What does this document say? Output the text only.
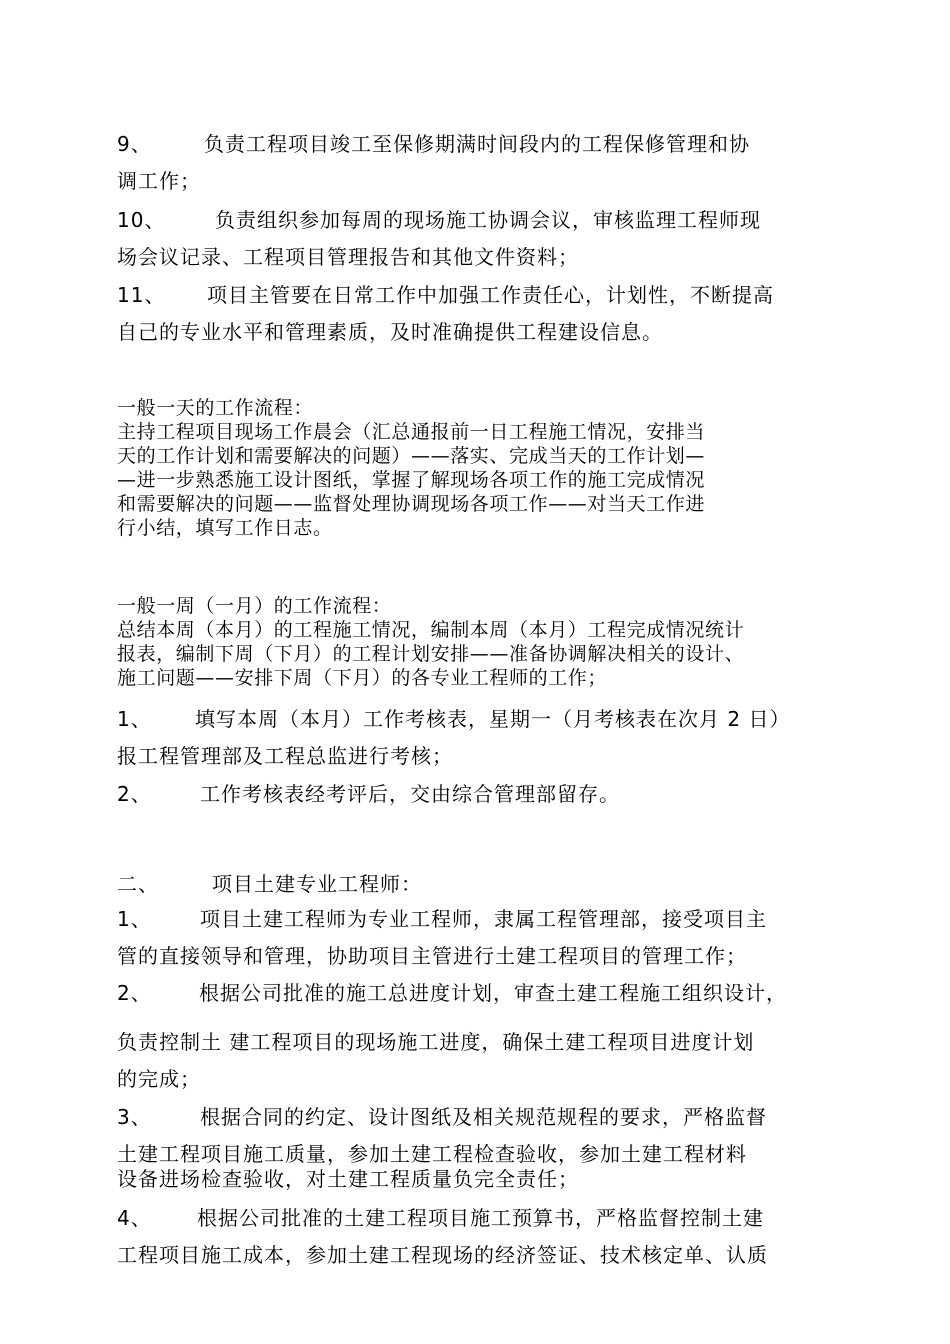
9、	负责工程项目竣工至保修期满时间段内的工程保修管理和协
调工作；
10、 负责组织参加每周的现场施工协调会议，审核监理工程师现
场会议记录、工程项目管理报告和其他文件资料；
11、 项目主管要在日常工作中加强工作责任心，计划性，不断提高
自己的专业水平和管理素质，及时准确提供工程建设信息。
一般一天的工作流程：
主持工程项目现场工作晨会（汇总通报前一日工程施工情况，安排当
天的工作计划和需要解决的问题）——落实、完成当天的工作计划—
—进一步熟悉施工设计图纸，掌握了解现场各项工作的施工完成情况
和需要解决的问题——监督处理协调现场各项工作——对当天工作进
行小结，填写工作日志。
一般一周（一月）的工作流程：
总结本周（本月）的工程施工情况，编制本周（本月）工程完成情况统计
报表，编制下周（下月）的工程计划安排——准备协调解决相关的设计、
施工问题——安排下周（下月）的各专业工程师的工作；
1、 填写本周（本月）工作考核表，星期一（月考核表在次月 2 日）
报工程管理部及工程总监进行考核；
2、 工作考核表经考评后，交由综合管理部留存。
二、	项目土建专业工程师：
1、 项目土建工程师为专业工程师，隶属工程管理部，接受项目主
管的直接领导和管理，协助项目主管进行土建工程项目的管理工作；
2、 根据公司批准的施工总进度计划，审查土建工程施工组织设计，
负责控制土 建工程项目的现场施工进度，确保土建工程项目进度计划
的完成；
3、 根据合同的约定、设计图纸及相关规范规程的要求，严格监督
土建工程项目施工质量，参加土建工程检查验收，参加土建工程材料
设备进场检查验收，对土建工程质量负完全责任；
4、 根据公司批准的土建工程项目施工预算书，严格监督控制土建
工程项目施工成本，参加土建工程现场的经济签证、技术核定单、认质
